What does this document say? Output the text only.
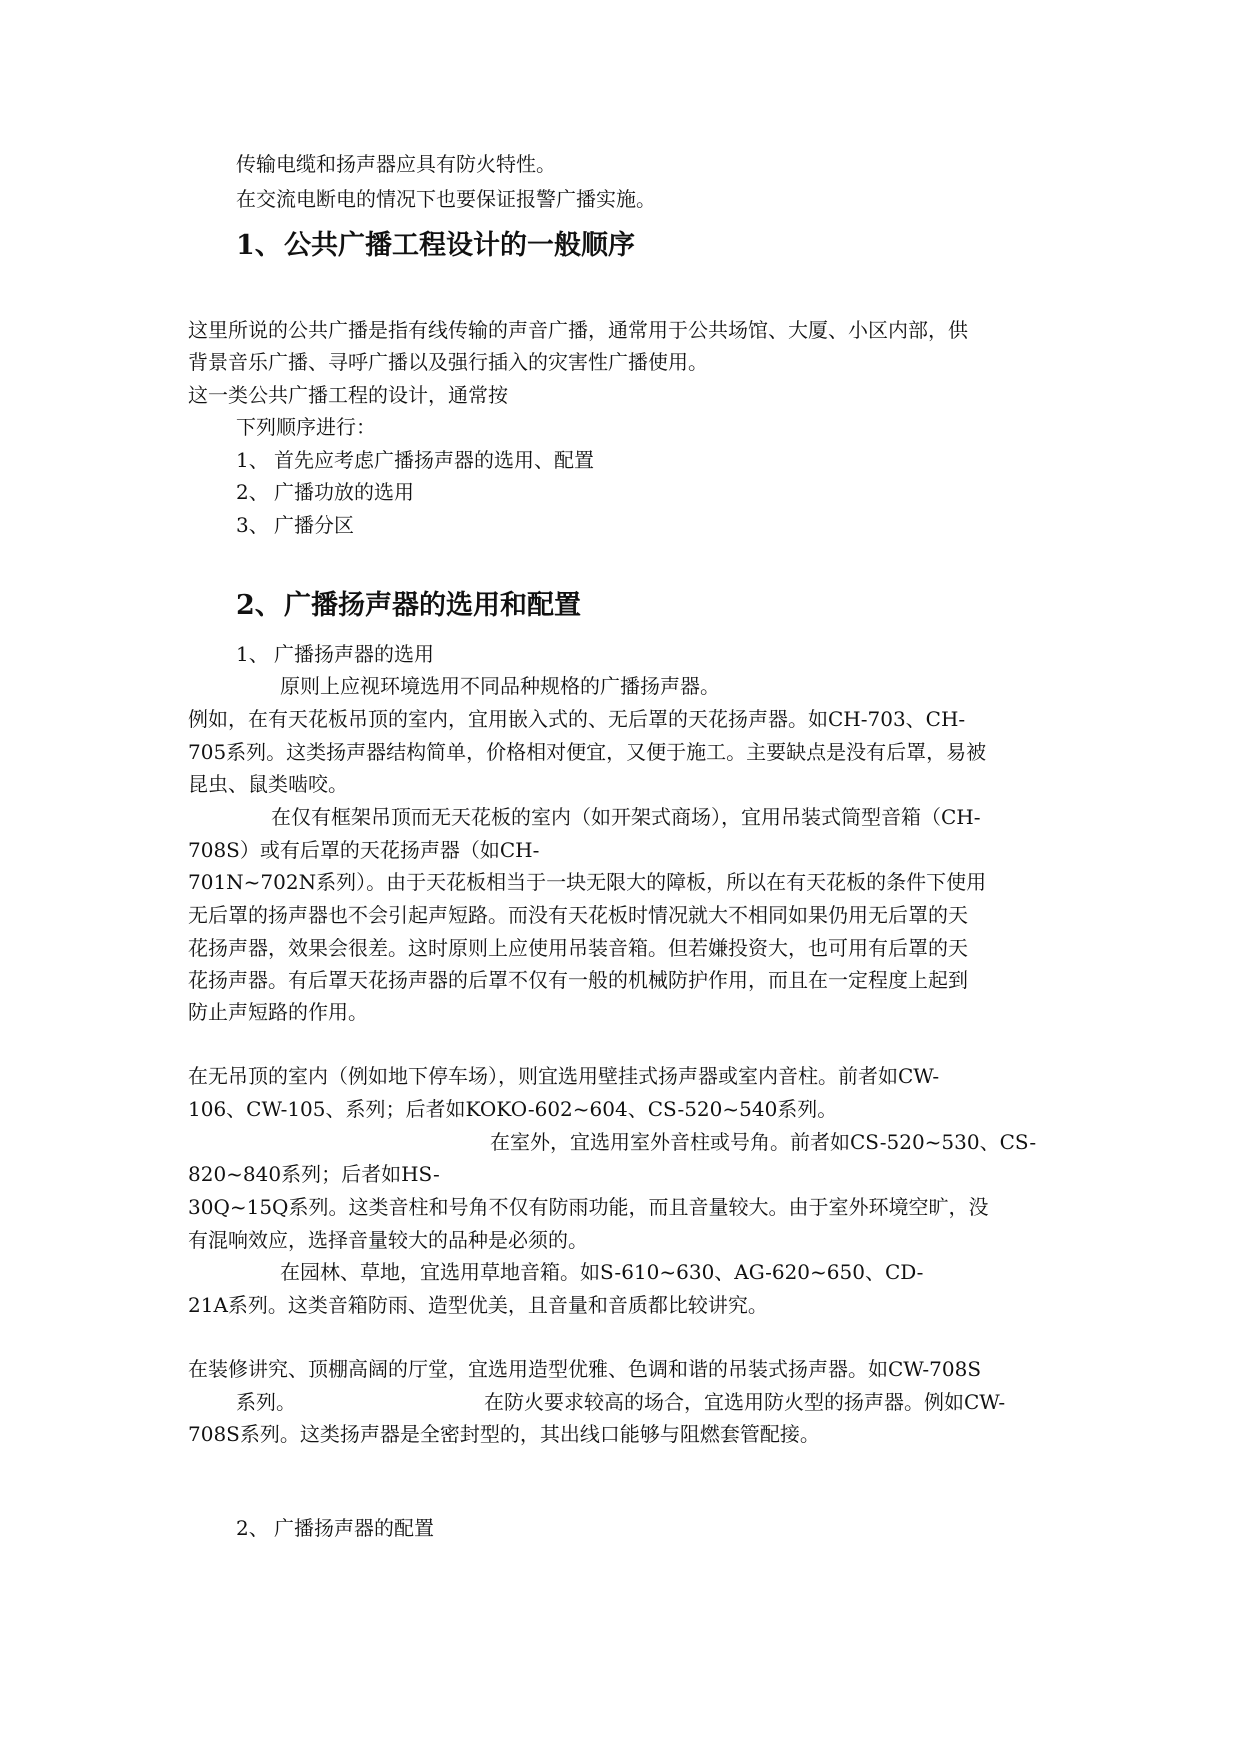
传输电缆和扬声器应具有防火特性。
在交流电断电的情况下也要保证报警广播实施。
1、公共广播工程设计的一般顺序
这里所说的公共广播是指有线传输的声音广播，通常用于公共场馆、大厦、小区内部，供
背景音乐广播、寻呼广播以及强行插入的灾害性广播使用。
这一类公共广播工程的设计，通常按
下列顺序进行：
1、 首先应考虑广播扬声器的选用、配置
2、 广播功放的选用
3、 广播分区
2、广播扬声器的选用和配置
1、 广播扬声器的选用
原则上应视环境选用不同品种规格的广播扬声器。
例如，在有天花板吊顶的室内，宜用嵌入式的、无后罩的天花扬声器。如CH-703、CH-
705系列。这类扬声器结构简单，价格相对便宜，又便于施工。主要缺点是没有后罩，易被
昆虫、鼠类啮咬。
在仅有框架吊顶而无天花板的室内（如开架式商场），宜用吊装式筒型音箱（CH-
708S）或有后罩的天花扬声器（如CH-
701N~702N系列）。由于天花板相当于一块无限大的障板，所以在有天花板的条件下使用
无后罩的扬声器也不会引起声短路。而没有天花板时情况就大不相同如果仍用无后罩的天
花扬声器，效果会很差。这时原则上应使用吊装音箱。但若嫌投资大，也可用有后罩的天
花扬声器。有后罩天花扬声器的后罩不仅有一般的机械防护作用，而且在一定程度上起到
防止声短路的作用。
在无吊顶的室内（例如地下停车场），则宜选用壁挂式扬声器或室内音柱。前者如CW-
106、CW-105、系列；后者如KOKO-602~604、CS-520~540系列。
在室外，宜选用室外音柱或号角。前者如CS-520~530、CS-
820~840系列；后者如HS-
30Q~15Q系列。这类音柱和号角不仅有防雨功能，而且音量较大。由于室外环境空旷，没
有混响效应，选择音量较大的品种是必须的。
在园林、草地，宜选用草地音箱。如S-610~630、AG-620~650、CD-
21A系列。这类音箱防雨、造型优美，且音量和音质都比较讲究。
在装修讲究、顶棚高阔的厅堂，宜选用造型优雅、色调和谐的吊装式扬声器。如CW-708S
系列。	在防火要求较高的场合，宜选用防火型的扬声器。例如CW-
708S系列。这类扬声器是全密封型的，其出线口能够与阻燃套管配接。
2、 广播扬声器的配置
